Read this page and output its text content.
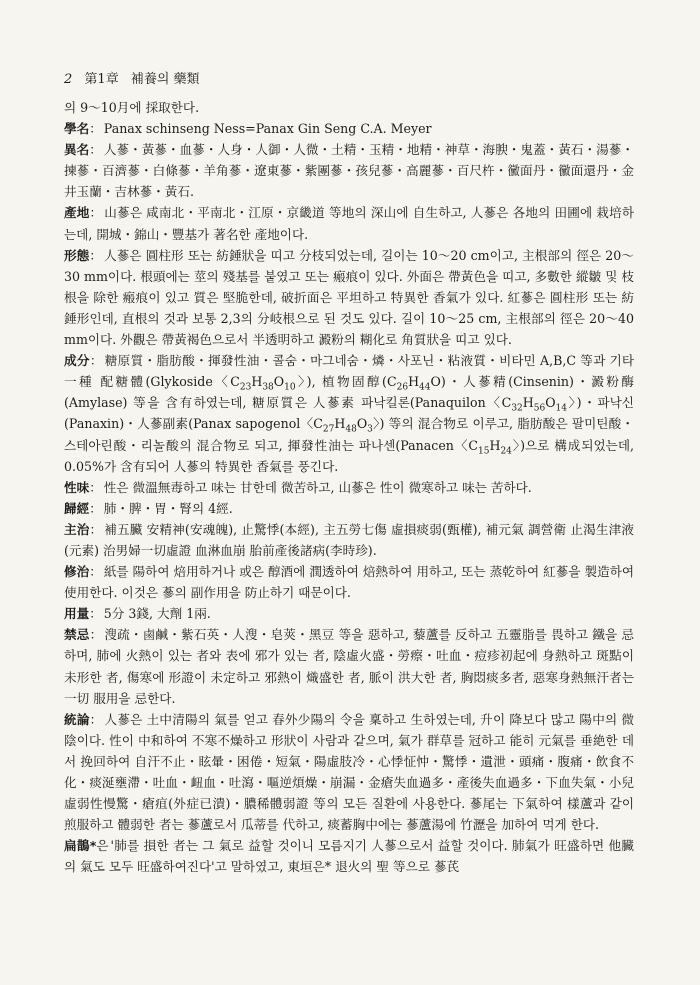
2 第1章 補養의 藥類

의 9～10月에 採取한다.

學名： Panax schinseng Ness=Panax Gin Seng C.A. Meyer

異名： 人蔘・黃蔘・血蔘・人身・人御・人微・土精・玉精・地精・神草・海腴・鬼蓋・黃石・湯蔘・揀蔘・百濟蔘・白條蔘・羊角蔘・遼東蔘・紫團蔘・孩兒蔘・高麗蔘・百尺杵・黴面丹・黴面還丹・金井玉蘭・吉林蔘・黃石.

產地： 山蔘은 咸南北・平南北・江原・京畿道 等地의 深山에 自生하고, 人蔘은 各地의 田圃에 栽培하는데, 開城・錦山・豐基가 著名한 產地이다.

形態： 人蔘은 圓柱形 또는 紡錘狀을 띠고 分枝되었는데, 길이는 10～20 cm이고, 主根部의 徑은 20～30 mm이다. 根頭에는 莖의 殘基를 붙였고 또는 瘢痕이 있다. 外面은 帶黃色을 띠고, 多數한 縱皺 및 枝根을 除한 瘢痕이 있고 質은 堅脆한데, 破折面은 平坦하고 特異한 香氣가 있다. 紅蔘은 圓柱形 또는 紡錘形인데, 直根의 것과 보통 2,3의 分岐根으로 된 것도 있다. 길이 10～25 cm, 主根部의 徑은 20～40 mm이다. 外觀은 帶黃褐色으로서 半透明하고 澱粉의 糊化로 角質狀을 띠고 있다.

成分： 糖原質・脂肪酸・揮發性油・콜숨・마그네숨・燐・사포닌・粘液質・비타민 A,B,C 等과 기타 一種 配糖體(Glykoside〈$C_{23}H_{38}O_{10}$〉), 植物固醇$(C_{26}H_{44}O)$・人蔘精(Cinsenin)・澱粉酶(Amylase) 等을 含有하였는데, 糖原質은 人蔘素 파낙킬론(Panaquilon〈$C_{32}H_{56}O_{14}$〉)・파낙신(Panaxin)・人蔘副素(Panax sapogenol〈$C_{27}H_{48}O_3$〉) 等의 混合物로 이루고, 脂肪酸은 팔미틴酸・스테아린酸・리놀酸의 混合物로 되고, 揮發性油는 파나센(Panacen〈$C_{15}H_{24}$〉)으로 構成되었는데, 0.05%가 含有되어 人蔘의 特異한 香氣를 풍긴다.

性味： 性은 微溫無毒하고 味는 甘한데 微苦하고, 山蔘은 性이 微寒하고 味는 苦하다.

歸經： 肺・脾・胃・腎의 4經.

主治： 補五臟 安精神(安魂魄), 止驚悸(本經), 主五勞七傷 虛損痰弱(甄權), 補元氣 調營衛 止渴生津液(元素) 治男婦一切虛證 血淋血崩 胎前產後諸病(李時珍).

修治： 紙를 陽하여 焙用하거나 或은 醇酒에 潤透하여 焙熱하여 用하고, 또는 蒸乾하여 紅蔘을 製造하여 使用한다. 이것은 蔘의 副作用을 防止하기 때문이다.

用量： 5分 3錢, 大劑 1兩.

禁忌： 溲疏・鹵鹹・紫石英・人溲・皂莢・黑豆 等을 惡하고, 藜蘆를 反하고 五靈脂를 畏하고 鐵을 忌하며, 肺에 火熱이 있는 者와 表에 邪가 있는 者, 陰虛火盛・勞瘵・吐血・痘疹初起에 身熱하고 斑點이 未形한 者, 傷寒에 形證이 未定하고 邪熱이 熾盛한 者, 脈이 洪大한 者, 胸悶痰多者, 惡寒身熱無汗者는 一切 服用을 忌한다.

統論： 人蔘은 土中清陽의 氣를 얻고 春外少陽의 令을 稟하고 生하였는데, 升이 降보다 많고 陽中의 微陰이다. 性이 中和하여 不寒不燥하고 形狀이 사람과 같으며, 氣가 群草를 冠하고 能히 元氣를 垂絶한 데서 挽回하여 自汗不止・眩暈・困倦・短氣・陽虛肢冷・心悸怔忡・驚悸・遺泄・頭痛・腹痛・飲食不化・痰涎壅滯・吐血・衄血・吐瀉・嘔逆煩燥・崩漏・金瘡失血過多・產後失血過多・下血失氣・小兒虛弱性慢驚・瘡疽(外症已潰)・膿稀體弱證 等의 모든 질환에 사용한다. 蔘尾는 下氣하여 樣蘆과 같이 煎服하고 體弱한 者는 蔘蘆로서 瓜蒂를 代하고, 痰蓄胸中에는 蔘蘆湯에 竹瀝을 加하여 먹게 한다.

扁鵲*은 '肺를 損한 者는 그 氣로 益할 것이니 모름지기 人蔘으로서 益할 것이다. 肺氣가 旺盛하면 他臟의 氣도 모두 旺盛하여진다'고 말하였고, 東垣은* 退火의 聖 等으로 蔘芪
